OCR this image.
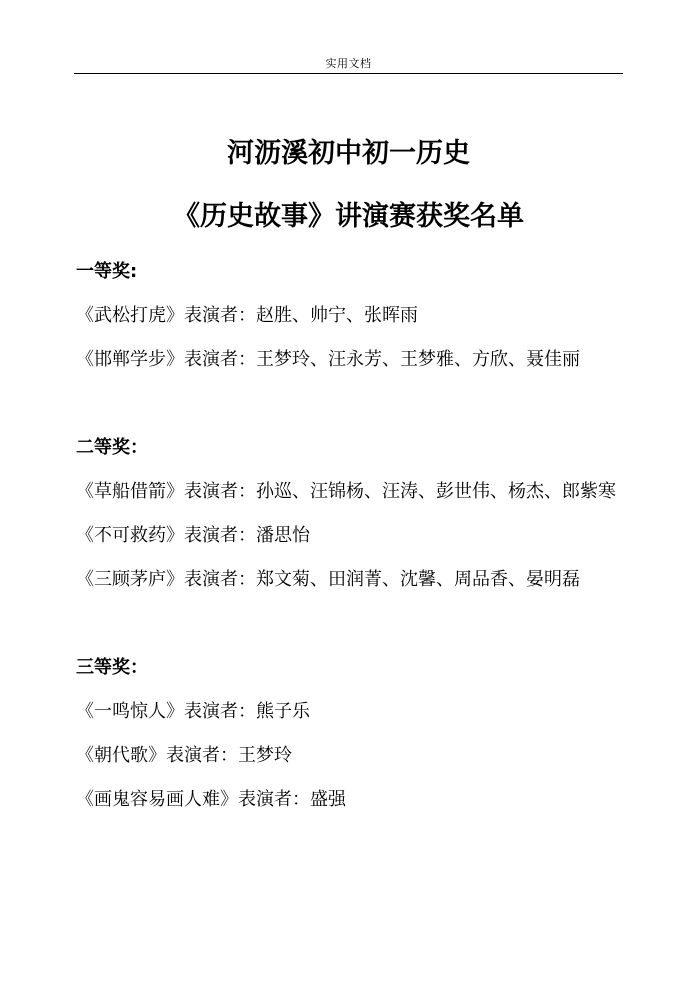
实用文档
河沥溪初中初一历史
《历史故事》讲演赛获奖名单
一等奖:
《武松打虎》表演者：赵胜、帅宁、张晖雨
《邯郸学步》表演者：王梦玲、汪永芳、王梦雅、方欣、聂佳丽
二等奖：
《草船借箭》表演者：孙巡、汪锦杨、汪涛、彭世伟、杨杰、郎紫寒
《不可救药》表演者：潘思怡
《三顾茅庐》表演者：郑文菊、田润菁、沈馨、周品香、晏明磊
三等奖：
《一鸣惊人》表演者：熊子乐
《朝代歌》表演者：王梦玲
《画鬼容易画人难》表演者：盛强
